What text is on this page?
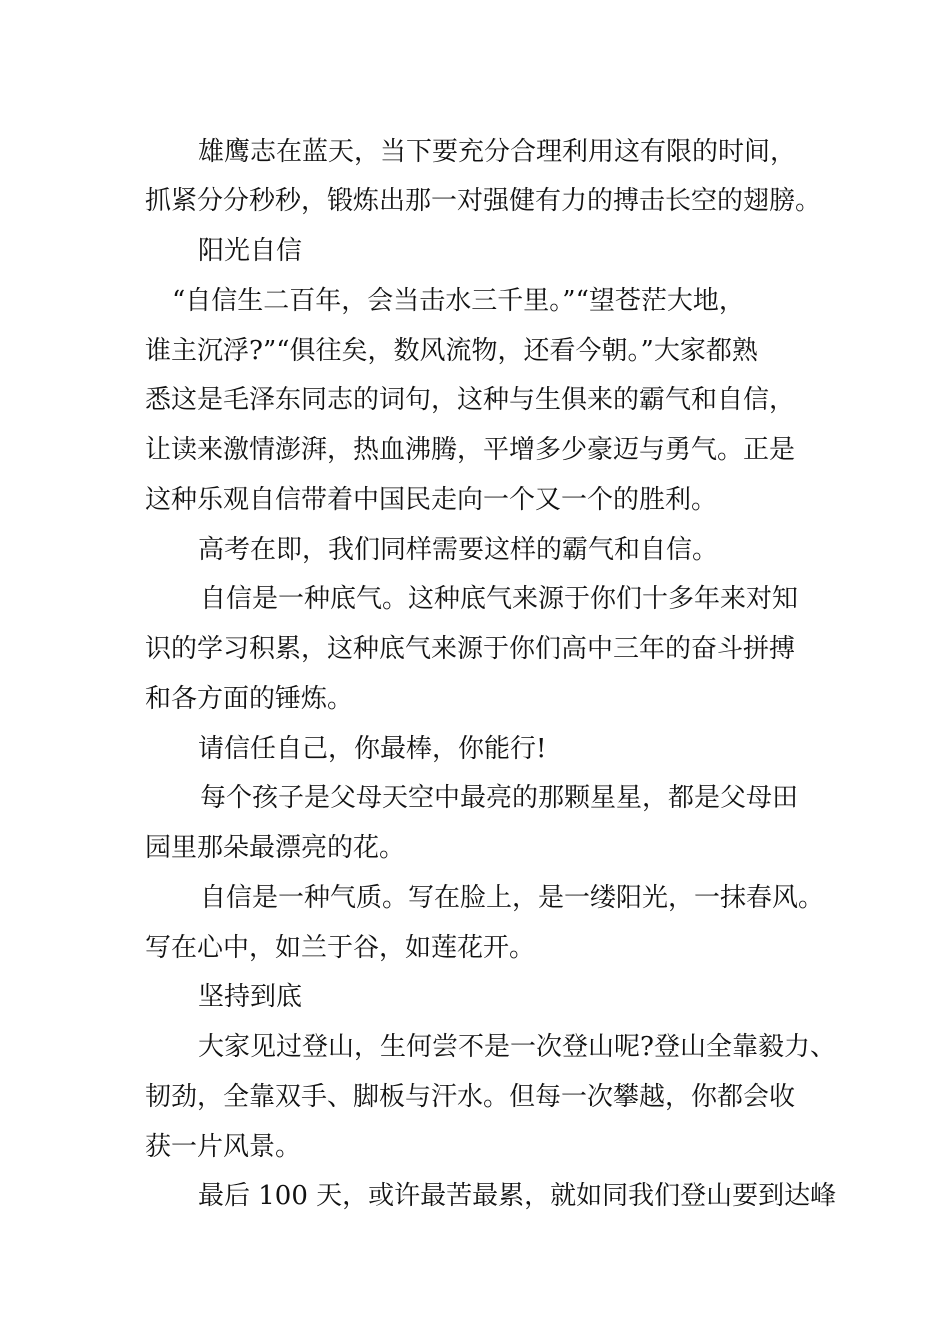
雄鹰志在蓝天，当下要充分合理利用这有限的时间，

抓紧分分秒秒，锻炼出那一对强健有力的搏击长空的翅膀。

阳光自信

“自信生二百年，会当击水三千里。”“望苍茫大地，

谁主沉浮?”“俱往矣，数风流物，还看今朝。”大家都熟

悉这是毛泽东同志的词句，这种与生俱来的霸气和自信，

让读来激情澎湃，热血沸腾，平增多少豪迈与勇气。正是

这种乐观自信带着中国民走向一个又一个的胜利。

高考在即，我们同样需要这样的霸气和自信。

自信是一种底气。这种底气来源于你们十多年来对知

识的学习积累，这种底气来源于你们高中三年的奋斗拼搏

和各方面的锤炼。

请信任自己，你最棒，你能行!

每个孩子是父母天空中最亮的那颗星星，都是父母田

园里那朵最漂亮的花。

自信是一种气质。写在脸上，是一缕阳光，一抹春风。

写在心中，如兰于谷，如莲花开。

坚持到底

大家见过登山，生何尝不是一次登山呢?登山全靠毅力、

韧劲，全靠双手、脚板与汗水。但每一次攀越，你都会收

获一片风景。

最后 100 天，或许最苦最累，就如同我们登山要到达峰
